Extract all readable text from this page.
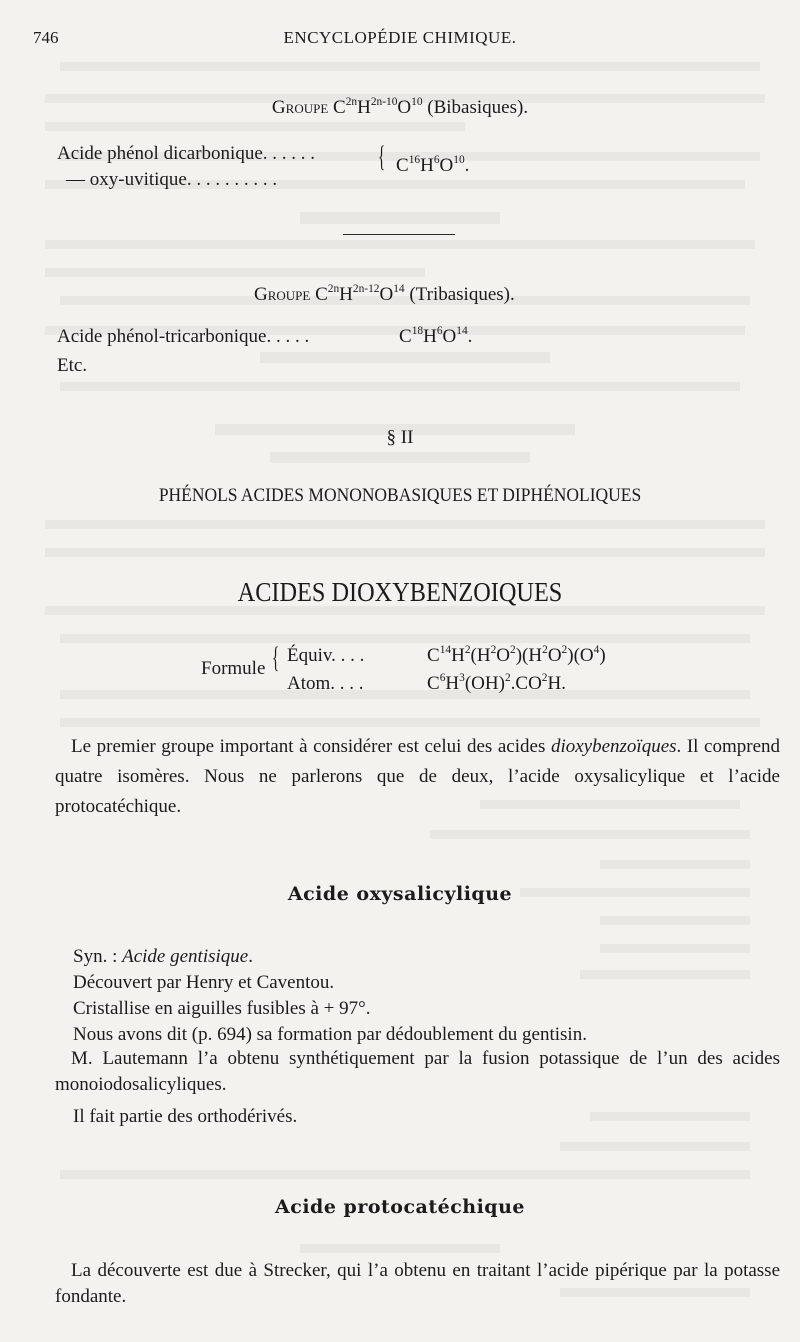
746	ENCYCLOPÉDIE CHIMIQUE.
Groupe $C^{2n}H^{2n-10}O^{10}$ (Bibasiques).
Acide phénol dicarbonique. . . . . .
— oxy-uvitique. . . . . . . . . .
{ $C^{16}H^6O^{10}$.
Groupe $C^{2n}H^{2n-12}O^{14}$ (Tribasiques).
Acide phénol-tricarbonique. . . . .	$C^{18}H^6O^{14}$.
Etc.
§ II
PHÉNOLS ACIDES MONONOBASIQUES ET DIPHÉNOLIQUES
ACIDES DIOXYBENZOIQUES
Formule { Équiv. . . .	$C^{14}H^2(H^2O^2)(H^2O^2)(O^4)$
Atom. . . .	$C^6H^3(OH)^2.CO^2H$.
Le premier groupe important à considérer est celui des acides dioxybenzoïques. Il comprend quatre isomères. Nous ne parlerons que de deux, l’acide oxysalicylique et l’acide protocatéchique.
Acide oxysalicylique
Syn. : Acide gentisique.
Découvert par Henry et Caventou.
Cristallise en aiguilles fusibles à + 97°.
Nous avons dit (p. 694) sa formation par dédoublement du gentisin.
M. Lautemann l’a obtenu synthétiquement par la fusion potassique de l’un des acides monoiodosalicyliques.
Il fait partie des orthodérivés.
Acide protocatéchique
La découverte est due à Strecker, qui l’a obtenu en traitant l’acide pipérique par la potasse fondante.
